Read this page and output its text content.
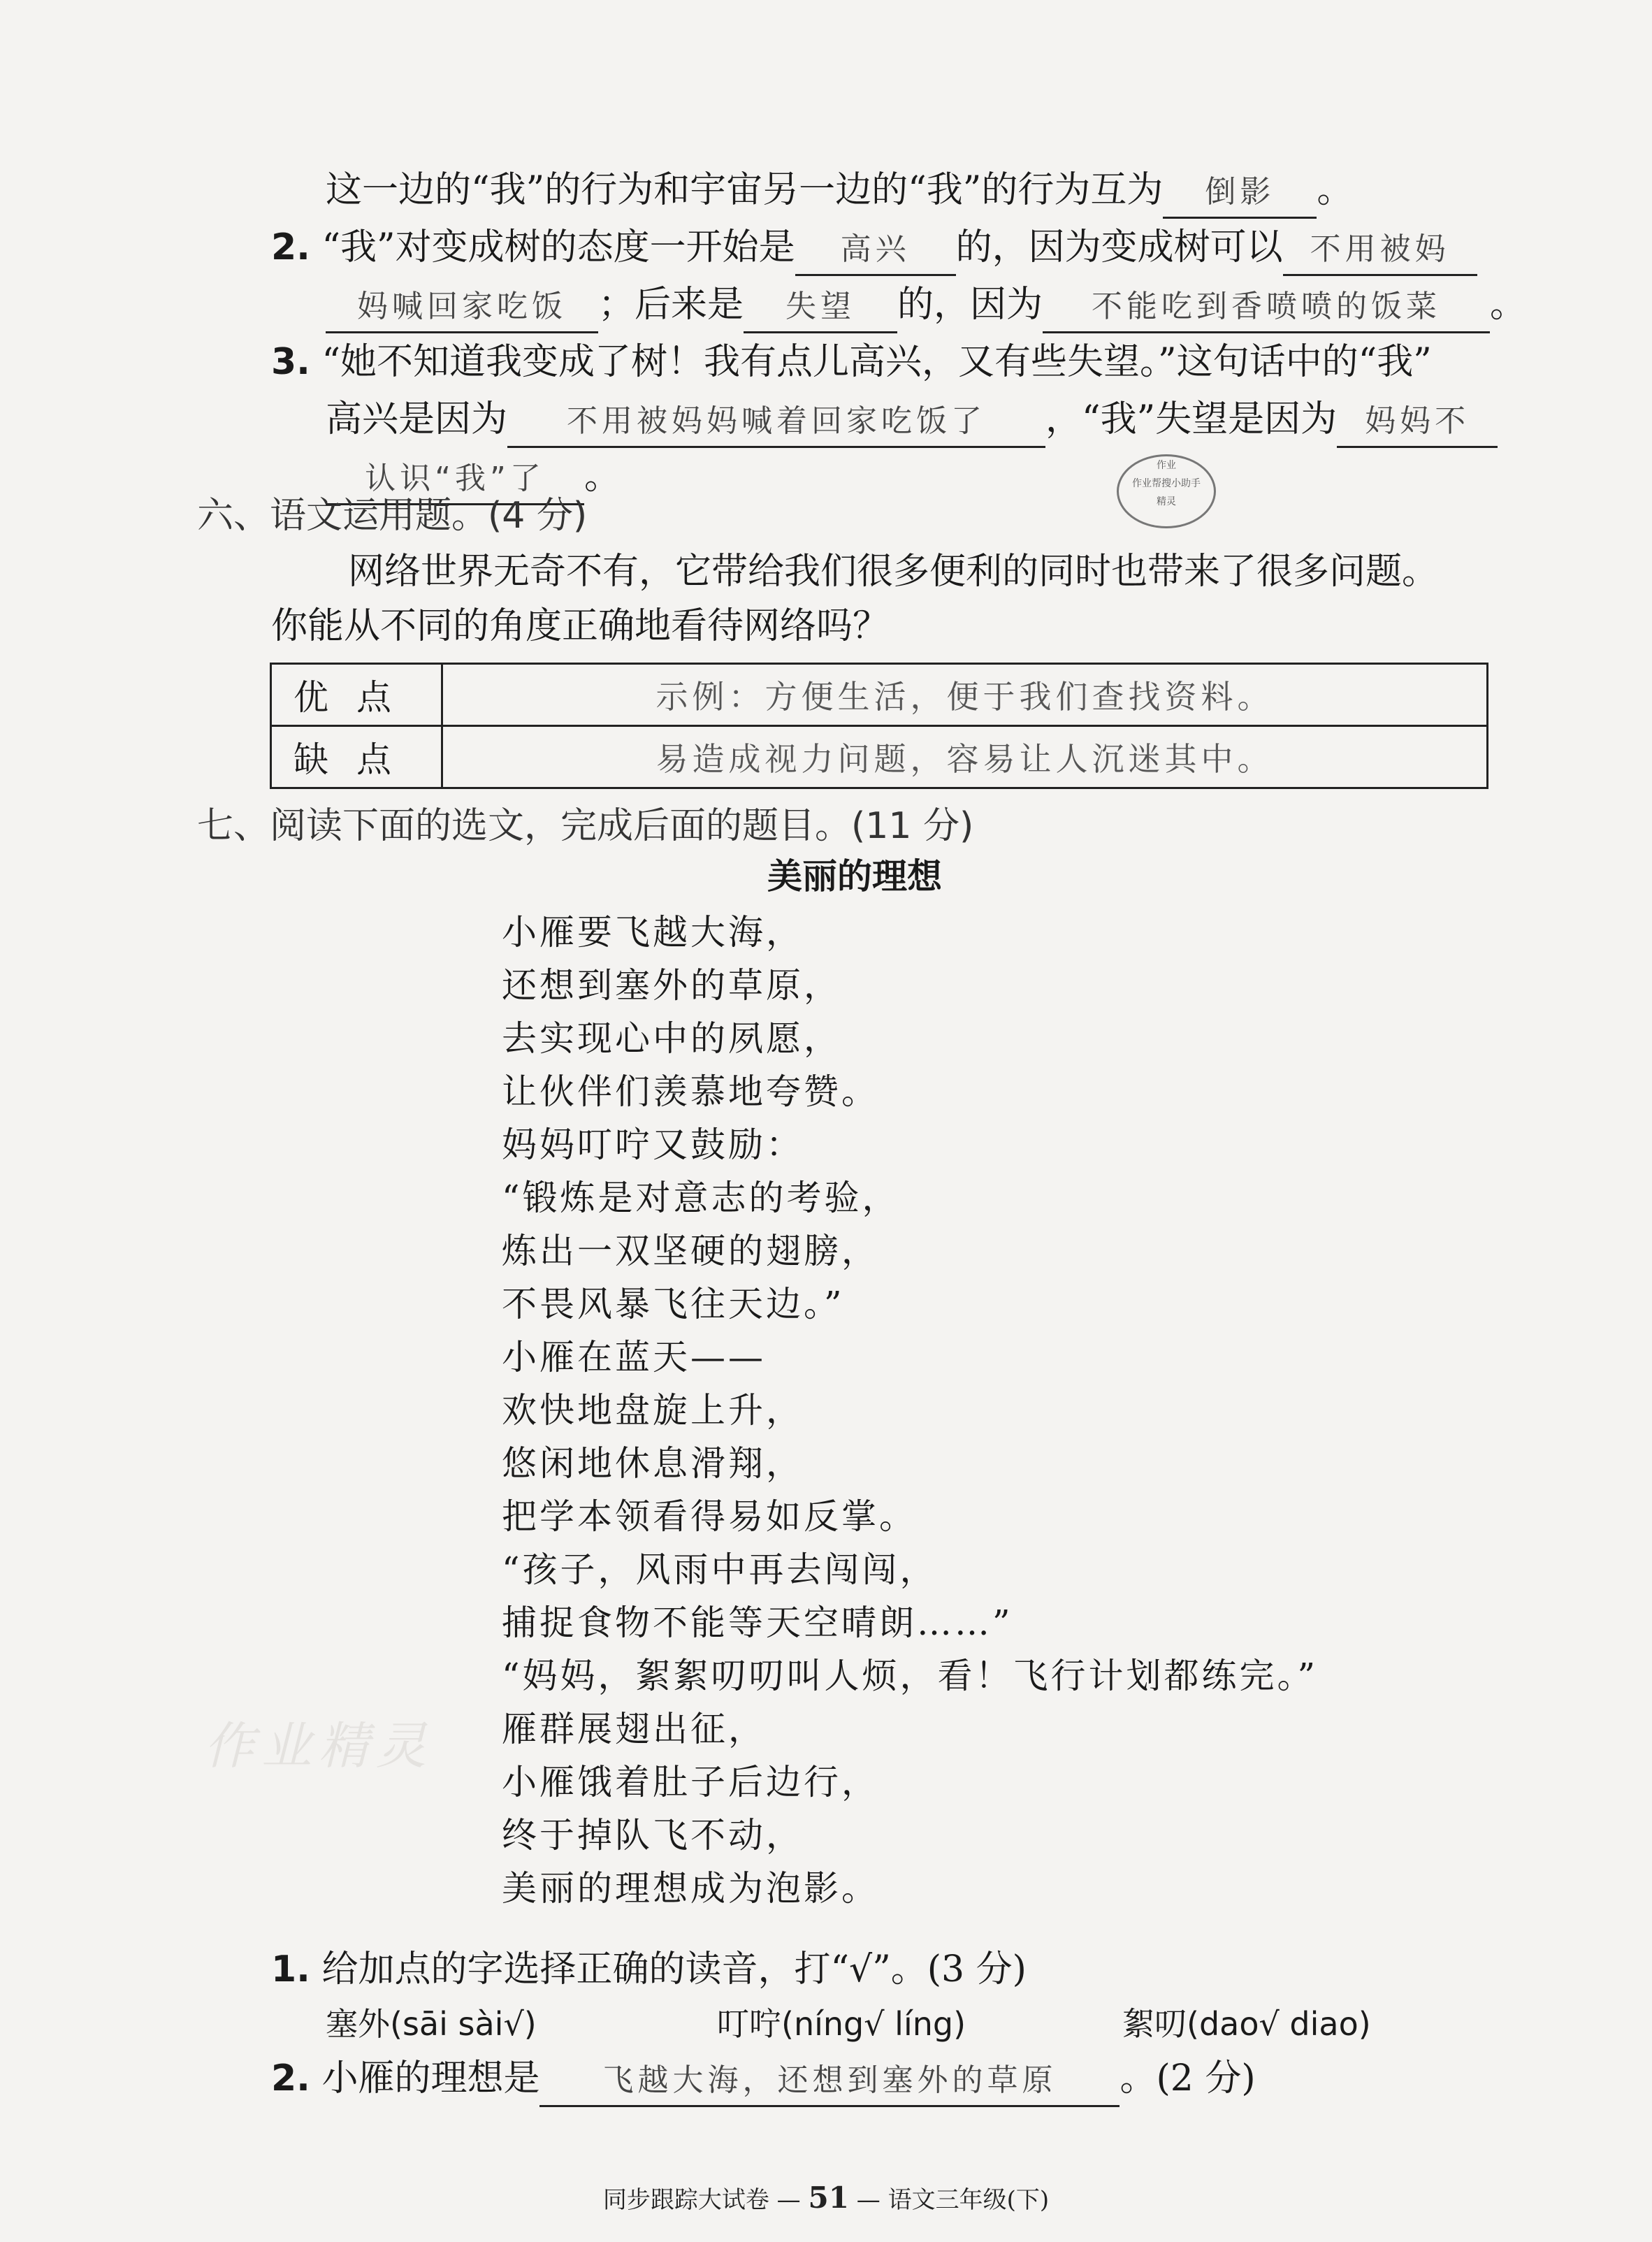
这一边的“我”的行为和宇宙另一边的“我”的行为互为 倒影 。
2. “我”对变成树的态度一开始是 高兴 的，因为变成树可以 不用被妈
妈喊回家吃饭 ；后来是 失望 的，因为 不能吃到香喷喷的饭菜 。
3. “她不知道我变成了树！我有点儿高兴，又有些失望。”这句话中的“我”
高兴是因为 不用被妈妈喊着回家吃饭了 ，“我”失望是因为 妈妈不
认识“我”了 。	作业
作业帮搜小助手
精灵
六、语文运用题。(4 分)
网络世界无奇不有，它带给我们很多便利的同时也带来了很多问题。
你能从不同的角度正确地看待网络吗？
优点	示例：方便生活，便于我们查找资料。
缺点	易造成视力问题，容易让人沉迷其中。
七、阅读下面的选文，完成后面的题目。(11 分)
美丽的理想
小雁要飞越大海，
还想到塞外的草原，
去实现心中的夙愿，
让伙伴们羡慕地夸赞。
妈妈叮咛又鼓励：
“锻炼是对意志的考验，
炼出一双坚硬的翅膀，
不畏风暴飞往天边。”
小雁在蓝天——
欢快地盘旋上升，
悠闲地休息滑翔，
把学本领看得易如反掌。
“孩子，风雨中再去闯闯，
捕捉食物不能等天空晴朗……”
“妈妈，絮絮叨叨叫人烦，看！飞行计划都练完。”
雁群展翅出征，
小雁饿着肚子后边行，
终于掉队飞不动，
美丽的理想成为泡影。
作业精灵
1. 给加点的字选择正确的读音，打“√”。(3 分)
塞外(sāi sài√)	叮咛(níng√ líng)	絮叨(dao√ diao)
2. 小雁的理想是 飞越大海，还想到塞外的草原 。(2 分)
同步跟踪大试卷 — 51 — 语文三年级(下)
